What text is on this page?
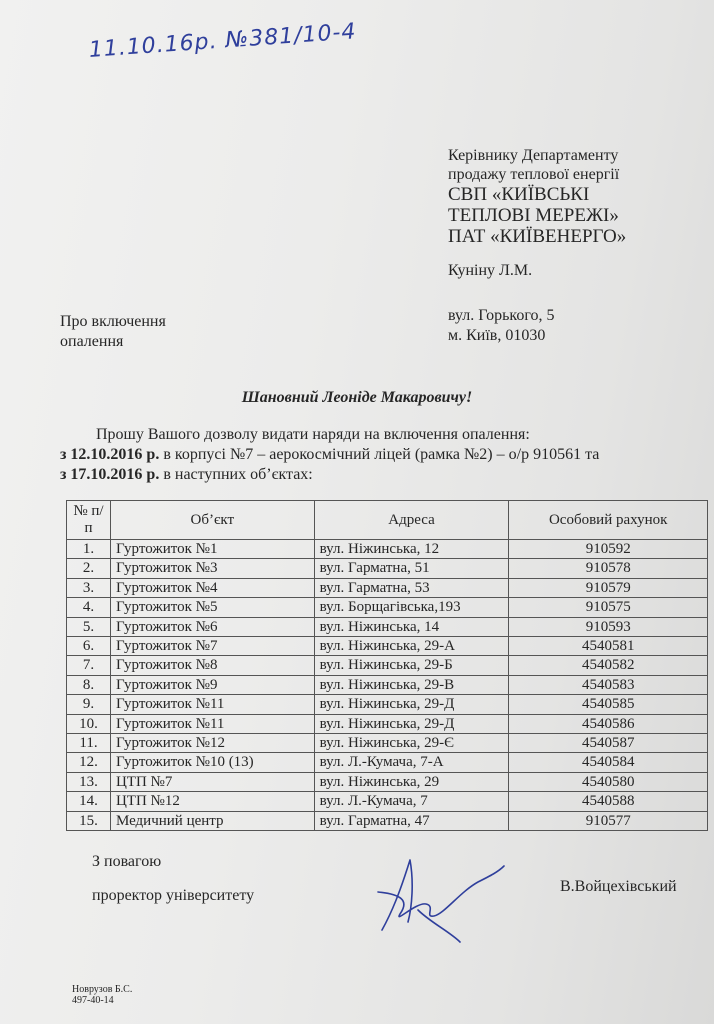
11.10.16р. №381/10-4
Керівнику Департаменту
продажу теплової енергії
СВП «КИЇВСЬКІ
ТЕПЛОВІ МЕРЕЖІ»
ПАТ «КИЇВЕНЕРГО»
Куніну Л.М.
Про включення
опалення
вул. Горького, 5
м. Київ, 01030
Шановний Леоніде Макаровичу!
Прошу Вашого дозволу видати наряди на включення опалення:
з 12.10.2016 р. в корпусі №7 – аерокосмічний ліцей (рамка №2) – о/р 910561 та
з 17.10.2016 р. в наступних об’єктах:
№ п/п	Об’єкт	Адреса	Особовий рахунок
1.	Гуртожиток №1	вул. Ніжинська, 12	910592
2.	Гуртожиток №3	вул. Гарматна, 51	910578
3.	Гуртожиток №4	вул. Гарматна, 53	910579
4.	Гуртожиток №5	вул. Борщагівська,193	910575
5.	Гуртожиток №6	вул. Ніжинська, 14	910593
6.	Гуртожиток №7	вул. Ніжинська, 29-А	4540581
7.	Гуртожиток №8	вул. Ніжинська, 29-Б	4540582
8.	Гуртожиток №9	вул. Ніжинська, 29-В	4540583
9.	Гуртожиток №11	вул. Ніжинська, 29-Д	4540585
10.	Гуртожиток №11	вул. Ніжинська, 29-Д	4540586
11.	Гуртожиток №12	вул. Ніжинська, 29-Є	4540587
12.	Гуртожиток №10 (13)	вул. Л.-Кумача, 7-А	4540584
13.	ЦТП №7	вул. Ніжинська, 29	4540580
14.	ЦТП №12	вул. Л.-Кумача, 7	4540588
15.	Медичний центр	вул. Гарматна, 47	910577
З повагою
проректор університету
В.Войцехівський
Новрузов Б.С.
497-40-14
